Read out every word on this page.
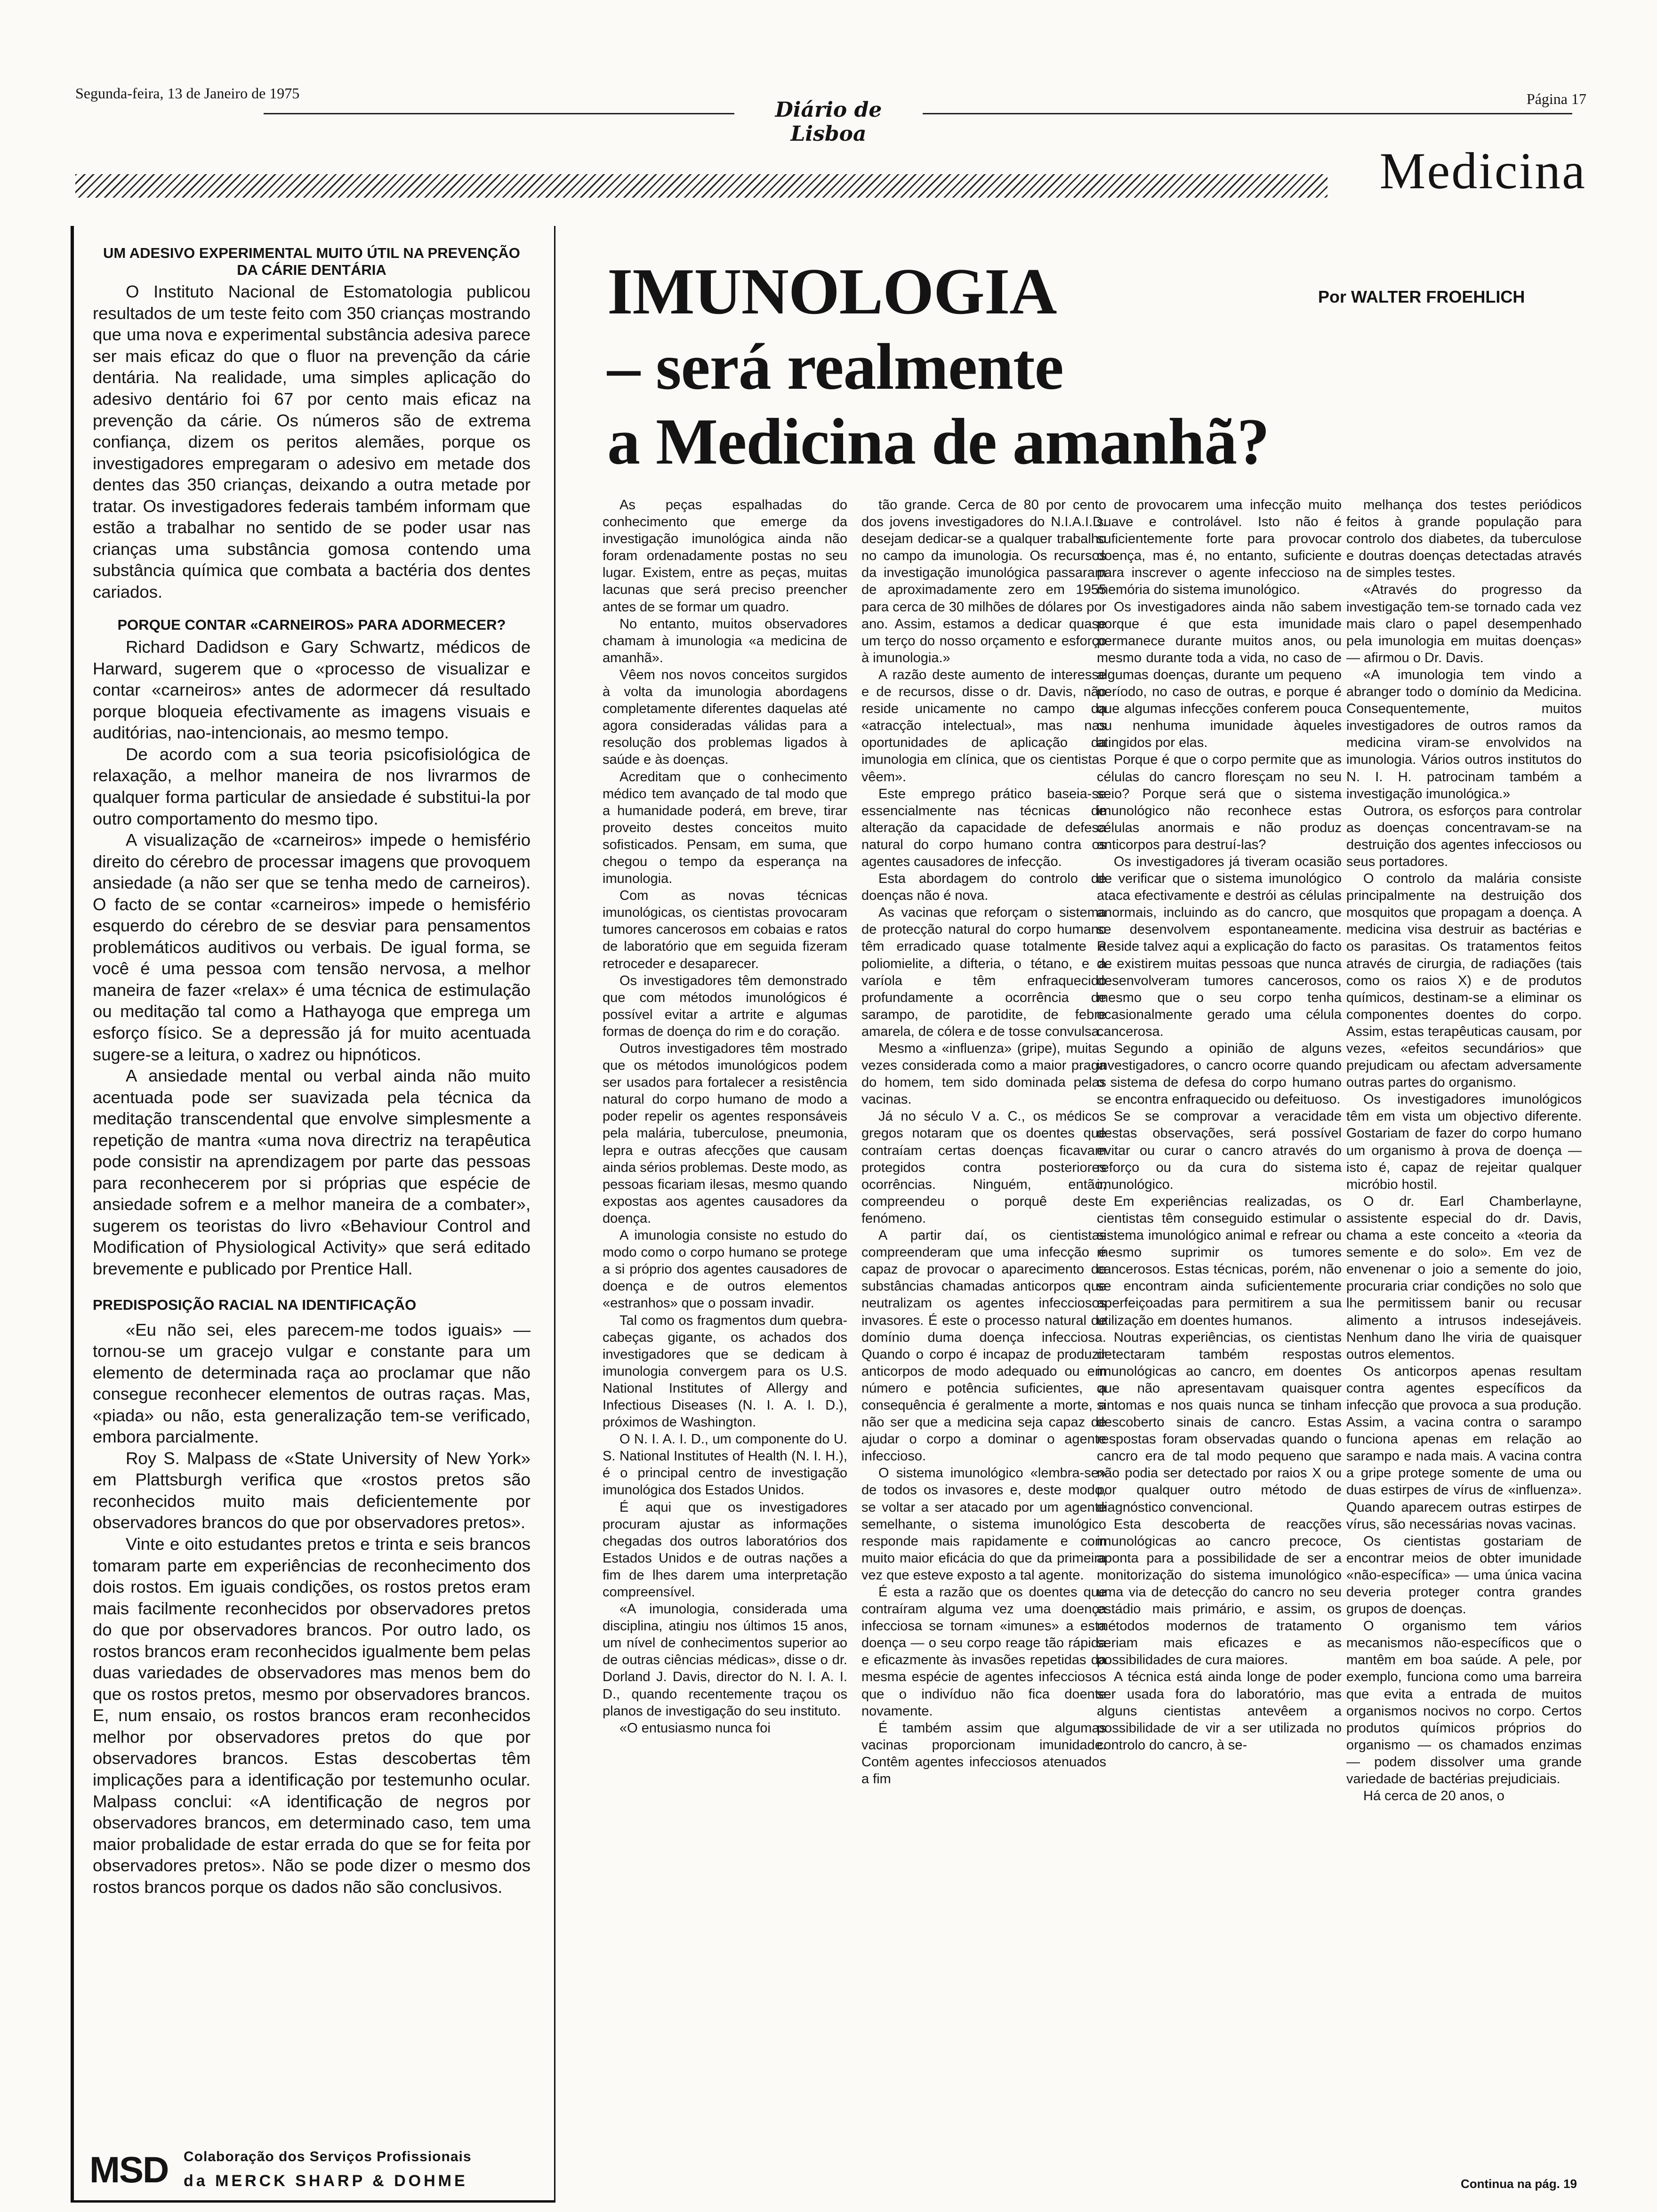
Segunda-feira, 13 de Janeiro de 1975
Diário de Lisboa
Página 17
Medicina
UM ADESIVO EXPERIMENTAL MUITO ÚTIL NA PREVENÇÃO DA CÁRIE DENTÁRIA

O Instituto Nacional de Estomatologia publicou resultados de um teste feito com 350 crianças mostrando que uma nova e experimental substância adesiva parece ser mais eficaz do que o fluor na prevenção da cárie dentária. Na realidade, uma simples aplicação do adesivo dentário foi 67 por cento mais eficaz na prevenção da cárie. Os números são de extrema confiança, dizem os peritos alemães, porque os investigadores empregaram o adesivo em metade dos dentes das 350 crianças, deixando a outra metade por tratar. Os investigadores federais também informam que estão a trabalhar no sentido de se poder usar nas crianças uma substância gomosa contendo uma substância química que combata a bactéria dos dentes cariados.

PORQUE CONTAR «CARNEIROS» PARA ADORMECER?

Richard Dadidson e Gary Schwartz, médicos de Harward, sugerem que o «processo de visualizar e contar «carneiros» antes de adormecer dá resultado porque bloqueia efectivamente as imagens visuais e auditórias, nao-intencionais, ao mesmo tempo.

De acordo com a sua teoria psicofisiológica de relaxação, a melhor maneira de nos livrarmos de qualquer forma particular de ansiedade é substitui-la por outro comportamento do mesmo tipo.

A visualização de «carneiros» impede o hemisfério direito do cérebro de processar imagens que provoquem ansiedade (a não ser que se tenha medo de carneiros). O facto de se contar «carneiros» impede o hemisfério esquerdo do cérebro de se desviar para pensamentos problemáticos auditivos ou verbais. De igual forma, se você é uma pessoa com tensão nervosa, a melhor maneira de fazer «relax» é uma técnica de estimulação ou meditação tal como a Hathayoga que emprega um esforço físico. Se a depressão já for muito acentuada sugere-se a leitura, o xadrez ou hipnóticos.

A ansiedade mental ou verbal ainda não muito acentuada pode ser suavizada pela técnica da meditação transcendental que envolve simplesmente a repetição de mantra «uma nova directriz na terapêutica pode consistir na aprendizagem por parte das pessoas para reconhecerem por si próprias que espécie de ansiedade sofrem e a melhor maneira de a combater», sugerem os teoristas do livro «Behaviour Control and Modification of Physiological Activity» que será editado brevemente e publicado por Prentice Hall.

PREDISPOSIÇÃO RACIAL NA IDENTIFICAÇÃO

«Eu não sei, eles parecem-me todos iguais» — tornou-se um gracejo vulgar e constante para um elemento de determinada raça ao proclamar que não consegue reconhecer elementos de outras raças. Mas, «piada» ou não, esta generalização tem-se verificado, embora parcialmente.

Roy S. Malpass de «State University of New York» em Plattsburgh verifica que «rostos pretos são reconhecidos muito mais deficientemente por observadores brancos do que por observadores pretos».

Vinte e oito estudantes pretos e trinta e seis brancos tomaram parte em experiências de reconhecimento dos dois rostos. Em iguais condições, os rostos pretos eram mais facilmente reconhecidos por observadores pretos do que por observadores brancos. Por outro lado, os rostos brancos eram reconhecidos igualmente bem pelas duas variedades de observadores mas menos bem do que os rostos pretos, mesmo por observadores brancos. E, num ensaio, os rostos brancos eram reconhecidos melhor por observadores pretos do que por observadores brancos. Estas descobertas têm implicações para a identificação por testemunho ocular. Malpass conclui: «A identificação de negros por observadores brancos, em determinado caso, tem uma maior probalidade de estar errada do que se for feita por observadores pretos». Não se pode dizer o mesmo dos rostos brancos porque os dados não são conclusivos.

MSD Colaboração dos Serviços Profissionais
da MERCK SHARP & DOHME
IMUNOLOGIA
– será realmente
a Medicina de amanhã?
Por WALTER FROEHLICH

As peças espalhadas do conhecimento que emerge da investigação imunológica ainda não foram ordenadamente postas no seu lugar. Existem, entre as peças, muitas lacunas que será preciso preencher antes de se formar um quadro.

No entanto, muitos observadores chamam à imunologia «a medicina de amanhã».

Vêem nos novos conceitos surgidos à volta da imunologia abordagens completamente diferentes daquelas até agora consideradas válidas para a resolução dos problemas ligados à saúde e às doenças.

Acreditam que o conhecimento médico tem avançado de tal modo que a humanidade poderá, em breve, tirar proveito destes conceitos muito sofisticados. Pensam, em suma, que chegou o tempo da esperança na imunologia.

Com as novas técnicas imunológicas, os cientistas provocaram tumores cancerosos em cobaias e ratos de laboratório que em seguida fizeram retroceder e desaparecer.

Os investigadores têm demonstrado que com métodos imunológicos é possível evitar a artrite e algumas formas de doença do rim e do coração.

Outros investigadores têm mostrado que os métodos imunológicos podem ser usados para fortalecer a resistência natural do corpo humano de modo a poder repelir os agentes responsáveis pela malária, tuberculose, pneumonia, lepra e outras afecções que causam ainda sérios problemas. Deste modo, as pessoas ficariam ilesas, mesmo quando expostas aos agentes causadores da doença.

A imunologia consiste no estudo do modo como o corpo humano se protege a si próprio dos agentes causadores de doença e de outros elementos «estranhos» que o possam invadir.

Tal como os fragmentos dum quebra-cabeças gigante, os achados dos investigadores que se dedicam à imunologia convergem para os U.S. National Institutes of Allergy and Infectious Diseases (N. I. A. I. D.), próximos de Washington.

O N. I. A. I. D., um componente do U. S. National Institutes of Health (N. I. H.), é o principal centro de investigação imunológica dos Estados Unidos.

É aqui que os investigadores procuram ajustar as informações chegadas dos outros laboratórios dos Estados Unidos e de outras nações a fim de lhes darem uma interpretação compreensível.

«A imunologia, considerada uma disciplina, atingiu nos últimos 15 anos, um nível de conhecimentos superior ao de outras ciências médicas», disse o dr. Dorland J. Davis, director do N. I. A. I. D., quando recentemente traçou os planos de investigação do seu instituto.

«O entusiasmo nunca foi

tão grande. Cerca de 80 por cento dos jovens investigadores do N.I.A.I.D. desejam dedicar-se a qualquer trabalho no campo da imunologia. Os recursos da investigação imunológica passaram de aproximadamente zero em 1955 para cerca de 30 milhões de dólares por ano. Assim, estamos a dedicar quase um terço do nosso orçamento e esforço à imunologia.»

A razão deste aumento de interesse e de recursos, disse o dr. Davis, não reside unicamente no campo da «atracção intelectual», mas nas oportunidades de aplicação da imunologia em clínica, que os cientistas vêem».

Este emprego prático baseia-se essencialmente nas técnicas de alteração da capacidade de defesa natural do corpo humano contra os agentes causadores de infecção.

Esta abordagem do controlo de doenças não é nova.

As vacinas que reforçam o sistema de protecção natural do corpo humano têm erradicado quase totalmente a poliomielite, a difteria, o tétano, e a varíola e têm enfraquecido profundamente a ocorrência de sarampo, de parotidite, de febre amarela, de cólera e de tosse convulsa.

Mesmo a «influenza» (gripe), muitas vezes considerada como a maior praga do homem, tem sido dominada pelas vacinas.

Já no século V a. C., os médicos gregos notaram que os doentes que contraíam certas doenças ficavam protegidos contra posteriores ocorrências. Ninguém, então, compreendeu o porquê deste fenómeno.

A partir daí, os cientistas compreenderam que uma infecção é capaz de provocar o aparecimento de substâncias chamadas anticorpos que neutralizam os agentes infecciosos invasores. É este o processo natural de domínio duma doença infecciosa. Quando o corpo é incapaz de produzir anticorpos de modo adequado ou em número e potência suficientes, a consequência é geralmente a morte, a não ser que a medicina seja capaz de ajudar o corpo a dominar o agente infeccioso.

O sistema imunológico «lembra-se» de todos os invasores e, deste modo, se voltar a ser atacado por um agente semelhante, o sistema imunológico responde mais rapidamente e com muito maior eficácia do que da primeira vez que esteve exposto a tal agente.

É esta a razão que os doentes que contraíram alguma vez uma doença infecciosa se tornam «imunes» a esta doença — o seu corpo reage tão rápida e eficazmente às invasões repetidas da mesma espécie de agentes infecciosos que o indivíduo não fica doente novamente.

É também assim que algumas vacinas proporcionam imunidade. Contêm agentes infecciosos atenuados a fim

de provocarem uma infecção muito suave e controlável. Isto não é suficientemente forte para provocar doença, mas é, no entanto, suficiente para inscrever o agente infeccioso na memória do sistema imunológico.

Os investigadores ainda não sabem porque é que esta imunidade permanece durante muitos anos, ou mesmo durante toda a vida, no caso de algumas doenças, durante um pequeno período, no caso de outras, e porque é que algumas infecções conferem pouca ou nenhuma imunidade àqueles atingidos por elas.

Porque é que o corpo permite que as células do cancro floresçam no seu seio? Porque será que o sistema imunológico não reconhece estas células anormais e não produz anticorpos para destruí-las?

Os investigadores já tiveram ocasião de verificar que o sistema imunológico ataca efectivamente e destrói as células anormais, incluindo as do cancro, que se desenvolvem espontaneamente. Reside talvez aqui a explicação do facto de existirem muitas pessoas que nunca desenvolveram tumores cancerosos, mesmo que o seu corpo tenha ocasionalmente gerado uma célula cancerosa.

Segundo a opinião de alguns investigadores, o cancro ocorre quando o sistema de defesa do corpo humano se encontra enfraquecido ou defeituoso.

Se se comprovar a veracidade destas observações, será possível evitar ou curar o cancro através do reforço ou da cura do sistema imunológico.

Em experiências realizadas, os cientistas têm conseguido estimular o sistema imunológico animal e refrear ou mesmo suprimir os tumores cancerosos. Estas técnicas, porém, não se encontram ainda suficientemente aperfeiçoadas para permitirem a sua utilização em doentes humanos.

Noutras experiências, os cientistas detectaram também respostas imunológicas ao cancro, em doentes que não apresentavam quaisquer sintomas e nos quais nunca se tinham descoberto sinais de cancro. Estas respostas foram observadas quando o cancro era de tal modo pequeno que não podia ser detectado por raios X ou por qualquer outro método de diagnóstico convencional.

Esta descoberta de reacções imunológicas ao cancro precoce, aponta para a possibilidade de ser a monitorização do sistema imunológico uma via de detecção do cancro no seu estádio mais primário, e assim, os métodos modernos de tratamento seriam mais eficazes e as possibilidades de cura maiores.

A técnica está ainda longe de poder ser usada fora do laboratório, mas alguns cientistas antevêem a possibilidade de vir a ser utilizada no controlo do cancro, à se-

melhança dos testes periódicos feitos à grande população para controlo dos diabetes, da tuberculose e doutras doenças detectadas através de simples testes.

«Através do progresso da investigação tem-se tornado cada vez mais claro o papel desempenhado pela imunologia em muitas doenças» — afirmou o Dr. Davis.

«A imunologia tem vindo a abranger todo o domínio da Medicina. Consequentemente, muitos investigadores de outros ramos da medicina viram-se envolvidos na imunologia. Vários outros institutos do N. I. H. patrocinam também a investigação imunológica.»

Outrora, os esforços para controlar as doenças concentravam-se na destruição dos agentes infecciosos ou seus portadores.

O controlo da malária consiste principalmente na destruição dos mosquitos que propagam a doença. A medicina visa destruir as bactérias e os parasitas. Os tratamentos feitos através de cirurgia, de radiações (tais como os raios X) e de produtos químicos, destinam-se a eliminar os componentes doentes do corpo. Assim, estas terapêuticas causam, por vezes, «efeitos secundários» que prejudicam ou afectam adversamente outras partes do organismo.

Os investigadores imunológicos têm em vista um objectivo diferente. Gostariam de fazer do corpo humano um organismo à prova de doença — isto é, capaz de rejeitar qualquer micróbio hostil.

O dr. Earl Chamberlayne, assistente especial do dr. Davis, chama a este conceito a «teoria da semente e do solo». Em vez de envenenar o joio a semente do joio, procuraria criar condições no solo que lhe permitissem banir ou recusar alimento a intrusos indesejáveis. Nenhum dano lhe viria de quaisquer outros elementos.

Os anticorpos apenas resultam contra agentes específicos da infecção que provoca a sua produção. Assim, a vacina contra o sarampo funciona apenas em relação ao sarampo e nada mais. A vacina contra a gripe protege somente de uma ou duas estirpes de vírus de «influenza». Quando aparecem outras estirpes de vírus, são necessárias novas vacinas.

Os cientistas gostariam de encontrar meios de obter imunidade «não-específica» — uma única vacina deveria proteger contra grandes grupos de doenças.

O organismo tem vários mecanismos não-específicos que o mantêm em boa saúde. A pele, por exemplo, funciona como uma barreira que evita a entrada de muitos organismos nocivos no corpo. Certos produtos químicos próprios do organismo — os chamados enzimas — podem dissolver uma grande variedade de bactérias prejudiciais.

Há cerca de 20 anos, o

Continua na pág. 19
